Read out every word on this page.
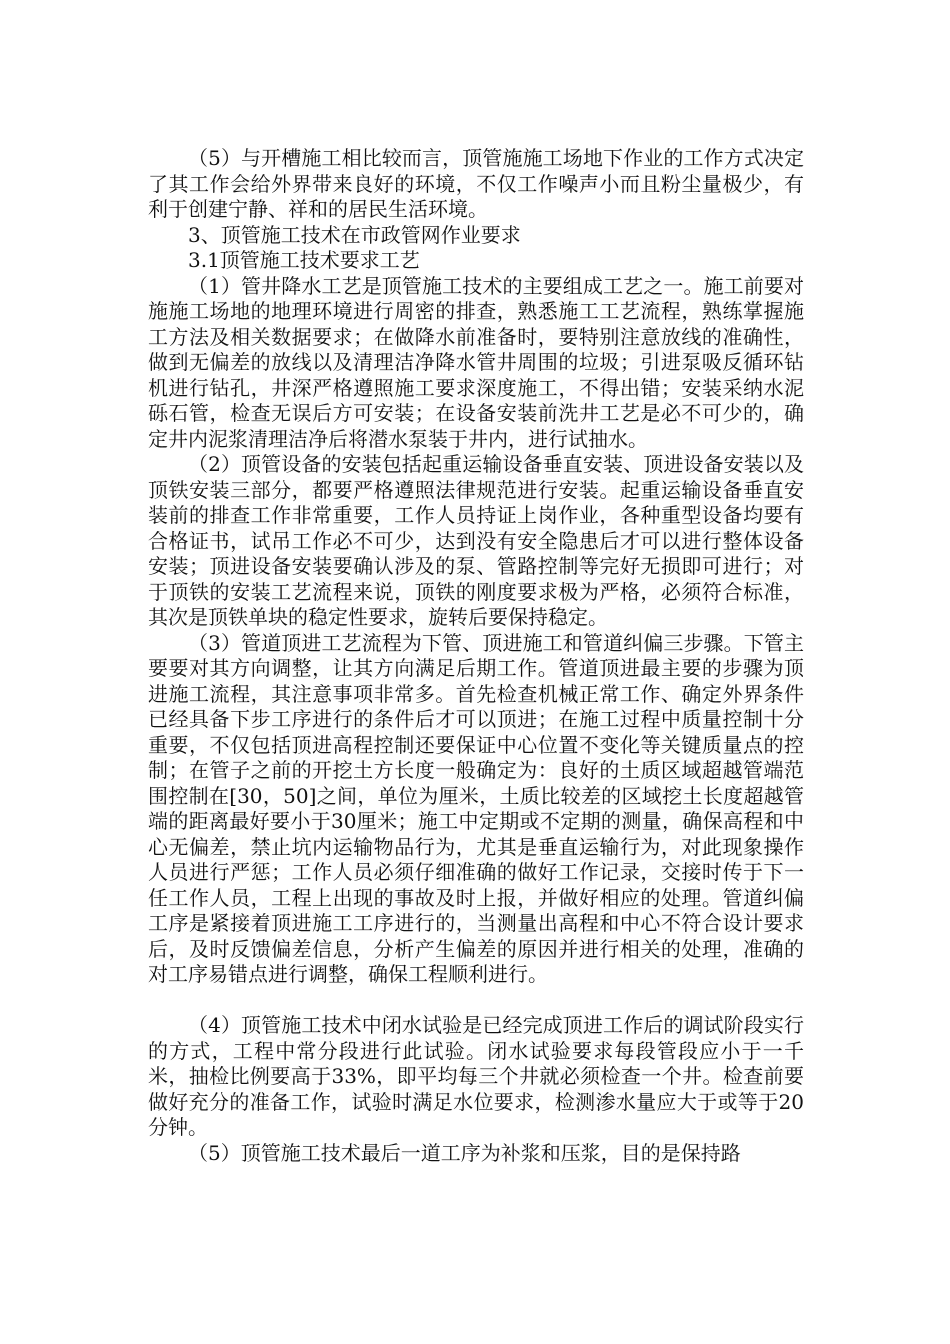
（5）与开槽施工相比较而言，顶管施施工场地下作业的工作方式决定了其工作会给外界带来良好的环境，不仅工作噪声小而且粉尘量极少，有利于创建宁静、祥和的居民生活环境。

3、顶管施工技术在市政管网作业要求

3.1顶管施工技术要求工艺

（1）管井降水工艺是顶管施工技术的主要组成工艺之一。施工前要对施施工场地的地理环境进行周密的排查，熟悉施工工艺流程，熟练掌握施工方法及相关数据要求；在做降水前准备时，要特别注意放线的准确性，做到无偏差的放线以及清理洁净降水管井周围的垃圾；引进泵吸反循环钻机进行钻孔，井深严格遵照施工要求深度施工，不得出错；安装采纳水泥砾石管，检查无误后方可安装；在设备安装前洗井工艺是必不可少的，确定井内泥浆清理洁净后将潜水泵装于井内，进行试抽水。

（2）顶管设备的安装包括起重运输设备垂直安装、顶进设备安装以及顶铁安装三部分，都要严格遵照法律规范进行安装。起重运输设备垂直安装前的排查工作非常重要，工作人员持证上岗作业，各种重型设备均要有合格证书，试吊工作必不可少，达到没有安全隐患后才可以进行整体设备安装；顶进设备安装要确认涉及的泵、管路控制等完好无损即可进行；对于顶铁的安装工艺流程来说，顶铁的刚度要求极为严格，必须符合标准，其次是顶铁单块的稳定性要求，旋转后要保持稳定。

（3）管道顶进工艺流程为下管、顶进施工和管道纠偏三步骤。下管主要要对其方向调整，让其方向满足后期工作。管道顶进最主要的步骤为顶进施工流程，其注意事项非常多。首先检查机械正常工作、确定外界条件已经具备下步工序进行的条件后才可以顶进；在施工过程中质量控制十分重要，不仅包括顶进高程控制还要保证中心位置不变化等关键质量点的控制；在管子之前的开挖土方长度一般确定为：良好的土质区域超越管端范围控制在[30，50]之间，单位为厘米，土质比较差的区域挖土长度超越管端的距离最好要小于30厘米；施工中定期或不定期的测量，确保高程和中心无偏差，禁止坑内运输物品行为，尤其是垂直运输行为，对此现象操作人员进行严惩；工作人员必须仔细准确的做好工作记录，交接时传于下一任工作人员，工程上出现的事故及时上报，并做好相应的处理。管道纠偏工序是紧接着顶进施工工序进行的，当测量出高程和中心不符合设计要求后，及时反馈偏差信息，分析产生偏差的原因并进行相关的处理，准确的对工序易错点进行调整，确保工程顺利进行。

（4）顶管施工技术中闭水试验是已经完成顶进工作后的调试阶段实行的方式，工程中常分段进行此试验。闭水试验要求每段管段应小于一千米，抽检比例要高于33%，即平均每三个井就必须检查一个井。检查前要做好充分的准备工作，试验时满足水位要求，检测渗水量应大于或等于20分钟。

（5）顶管施工技术最后一道工序为补浆和压浆，目的是保持路
